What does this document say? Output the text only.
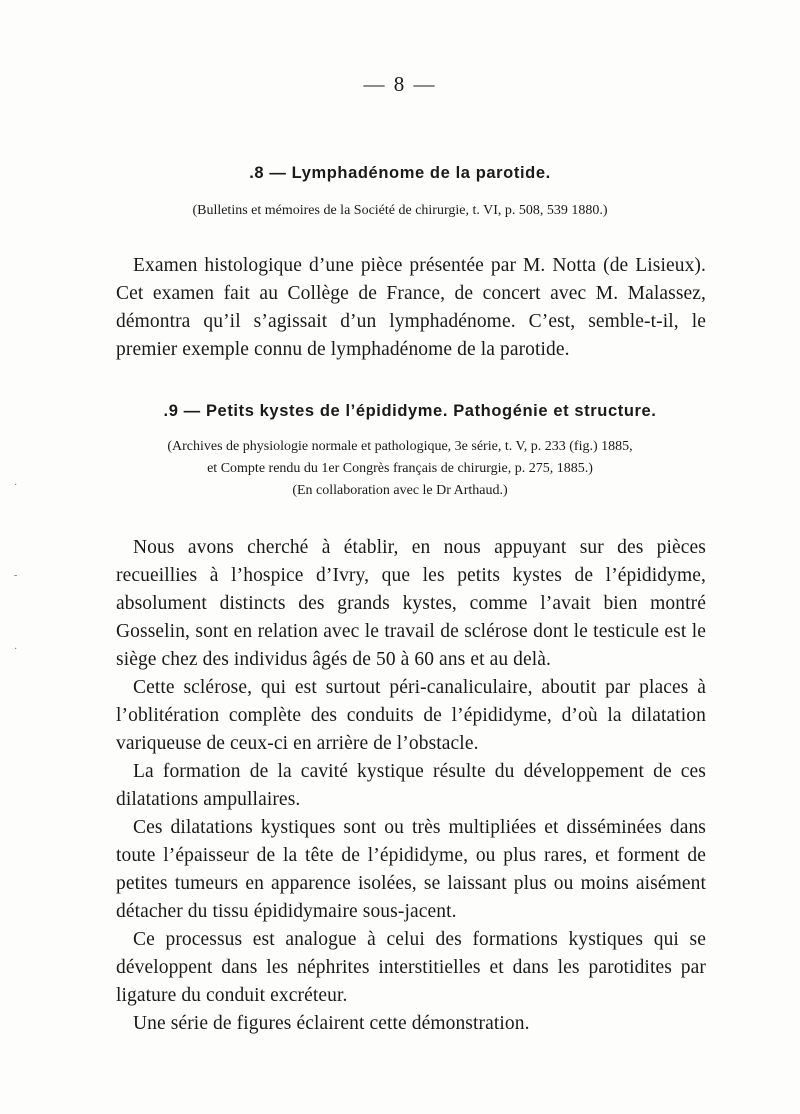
— 8 —
.8 — Lymphadénome de la parotide.
(Bulletins et mémoires de la Société de chirurgie, t. VI, p. 508, 539 1880.)

Examen histologique d’une pièce présentée par M. Notta (de Lisieux). Cet examen fait au Collège de France, de concert avec M. Malassez, démontra qu’il s’agissait d’un lymphadénome. C’est, semble-t-il, le premier exemple connu de lymphadénome de la parotide.

.9 — Petits kystes de l’épididyme. Pathogénie et structure.
(Archives de physiologie normale et pathologique, 3e série, t. V, p. 233 (fig.) 1885,
et Compte rendu du 1er Congrès français de chirurgie, p. 275, 1885.)
(En collaboration avec le Dr Arthaud.)

Nous avons cherché à établir, en nous appuyant sur des pièces recueillies à l’hospice d’Ivry, que les petits kystes de l’épididyme, absolument distincts des grands kystes, comme l’avait bien montré Gosselin, sont en relation avec le travail de sclérose dont le testicule est le siège chez des individus âgés de 50 à 60 ans et au delà.

Cette sclérose, qui est surtout péri-canaliculaire, aboutit par places à l’oblitération complète des conduits de l’épididyme, d’où la dilatation variqueuse de ceux-ci en arrière de l’obstacle.

La formation de la cavité kystique résulte du développement de ces dilatations ampullaires.

Ces dilatations kystiques sont ou très multipliées et disséminées dans toute l’épaisseur de la tête de l’épididyme, ou plus rares, et forment de petites tumeurs en apparence isolées, se laissant plus ou moins aisément détacher du tissu épididymaire sous-jacent.

Ce processus est analogue à celui des formations kystiques qui se développent dans les néphrites interstitielles et dans les parotidites par ligature du conduit excréteur.

Une série de figures éclairent cette démonstration.

·
‐
·
